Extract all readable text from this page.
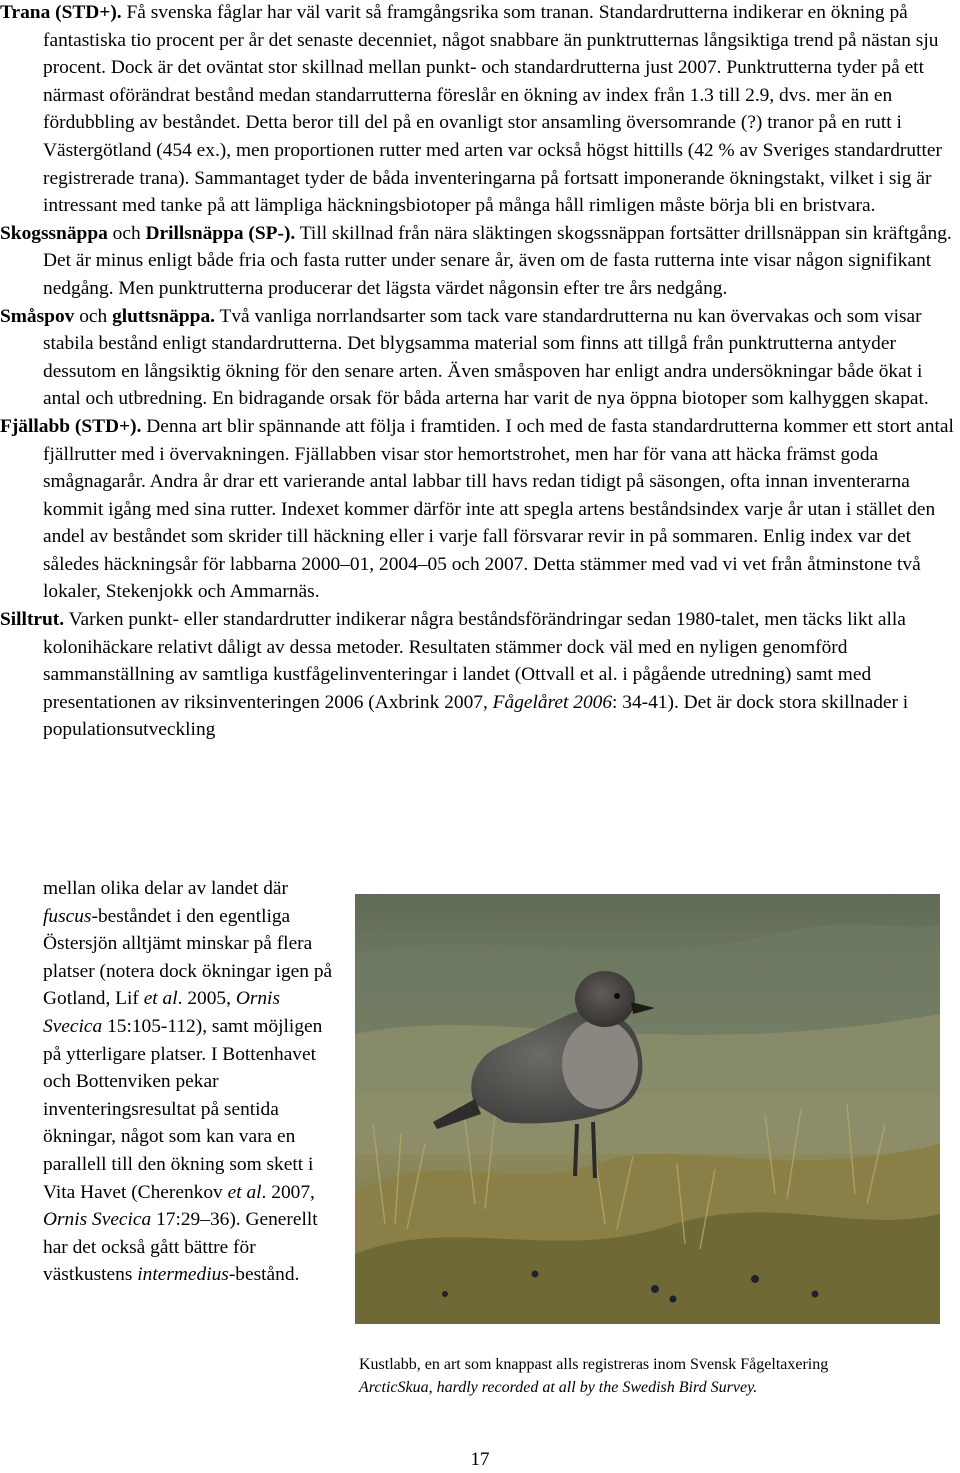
Trana (STD+). Få svenska fåglar har väl varit så framgångsrika som tranan. Standardrutterna indikerar en ökning på fantastiska tio procent per år det senaste decenniet, något snabbare än punktrutternas långsiktiga trend på nästan sju procent. Dock är det oväntat stor skillnad mellan punkt- och standardrutterna just 2007. Punktrutterna tyder på ett närmast oförändrat bestånd medan standarrutterna föreslår en ökning av index från 1.3 till 2.9, dvs. mer än en fördubbling av beståndet. Detta beror till del på en ovanligt stor ansamling översomrande (?) tranor på en rutt i Västergötland (454 ex.), men proportionen rutter med arten var också högst hittills (42 % av Sveriges standardrutter registrerade trana). Sammantaget tyder de båda inventeringarna på fortsatt imponerande ökningstakt, vilket i sig är intressant med tanke på att lämpliga häckningsbiotoper på många håll rimligen måste börja bli en bristvara.

Skogssnäppa och Drillsnäppa (SP-). Till skillnad från nära släktingen skogssnäppan fortsätter drillsnäppan sin kräftgång. Det är minus enligt både fria och fasta rutter under senare år, även om de fasta rutterna inte visar någon signifikant nedgång. Men punktrutterna producerar det lägsta värdet någonsin efter tre års nedgång.

Småspov och gluttsnäppa. Två vanliga norrlandsarter som tack vare standardrutterna nu kan övervakas och som visar stabila bestånd enligt standardrutterna. Det blygsamma material som finns att tillgå från punktrutterna antyder dessutom en långsiktig ökning för den senare arten. Även småspoven har enligt andra undersökningar både ökat i antal och utbredning. En bidragande orsak för båda arterna har varit de nya öppna biotoper som kalhyggen skapat.

Fjällabb (STD+). Denna art blir spännande att följa i framtiden. I och med de fasta standardrutterna kommer ett stort antal fjällrutter med i övervakningen. Fjällabben visar stor hemortstrohet, men har för vana att häcka främst goda smågnagarår. Andra år drar ett varierande antal labbar till havs redan tidigt på säsongen, ofta innan inventerarna kommit igång med sina rutter. Indexet kommer därför inte att spegla artens beståndsindex varje år utan i stället den andel av beståndet som skrider till häckning eller i varje fall försvarar revir in på sommaren. Enlig index var det således häckningsår för labbarna 2000–01, 2004–05 och 2007. Detta stämmer med vad vi vet från åtminstone två lokaler, Stekenjokk och Ammarnäs.

Silltrut. Varken punkt- eller standardrutter indikerar några beståndsförändringar sedan 1980-talet, men täcks likt alla kolonihäckare relativt dåligt av dessa metoder. Resultaten stämmer dock väl med en nyligen genomförd sammanställning av samtliga kustfågelinventeringar i landet (Ottvall et al. i pågående utredning) samt med presentationen av riksinventeringen 2006 (Axbrink 2007, Fågelåret 2006: 34-41). Det är dock stora skillnader i populationsutveckling

mellan olika delar av landet där fuscus-beståndet i den egentliga Östersjön alltjämt minskar på flera platser (notera dock ökningar igen på Gotland, Lif et al. 2005, Ornis Svecica 15:105-112), samt möjligen på ytterligare platser. I Bottenhavet och Bottenviken pekar inventeringsresultat på sentida ökningar, något som kan vara en parallell till den ökning som skett i Vita Havet (Cherenkov et al. 2007, Ornis Svecica 17:29–36). Generellt har det också gått bättre för västkustens intermedius-bestånd.
Kustlabb, en art som knappast alls registreras inom Svensk Fågeltaxering
ArcticSkua, hardly recorded at all by the Swedish Bird Survey.
17
